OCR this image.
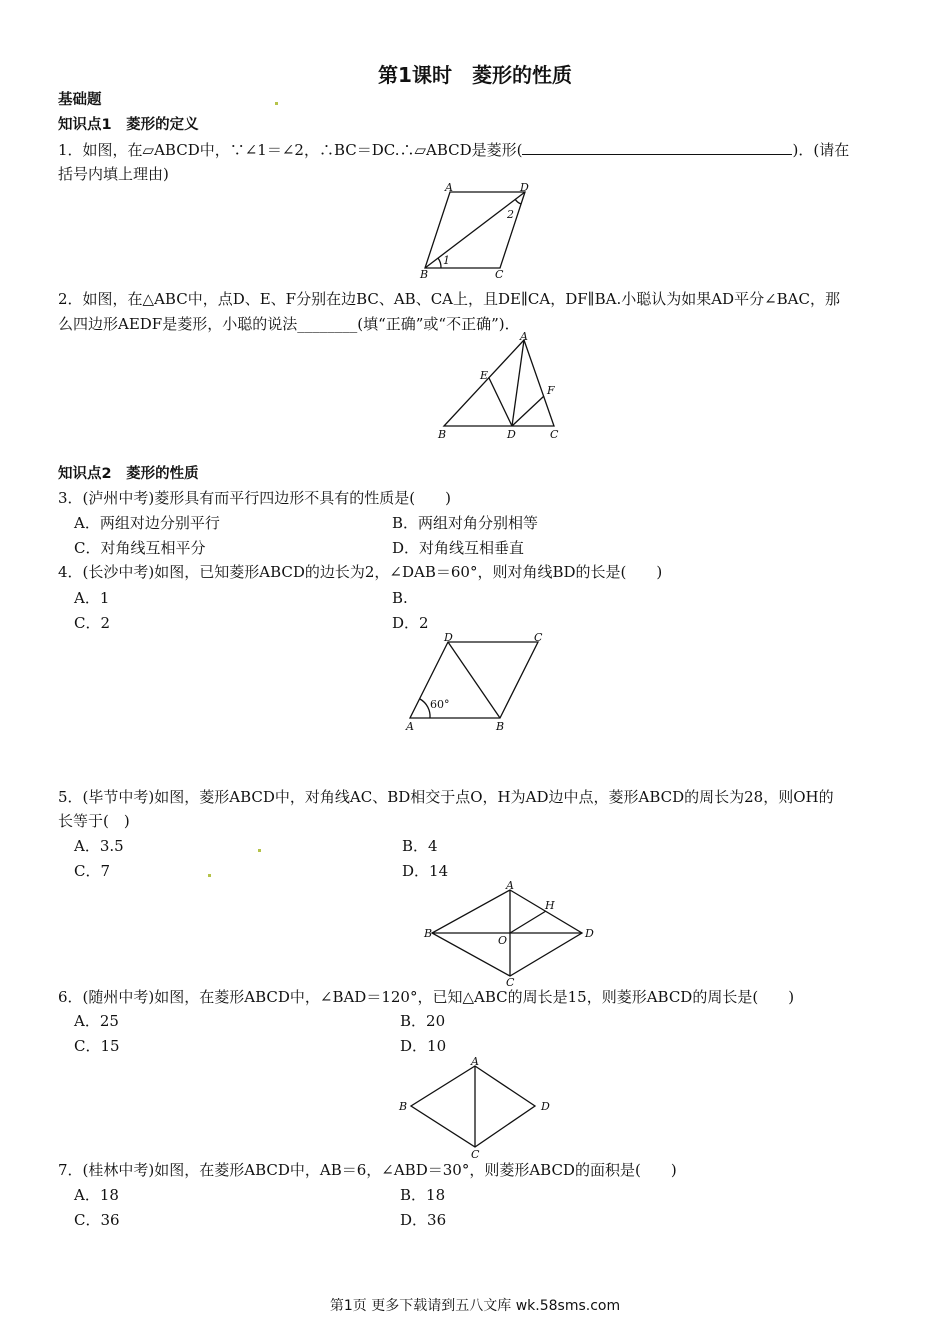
第1课时　菱形的性质
基础题
知识点1　菱形的定义
1．如图，在▱ABCD中，∵∠1＝∠2，∴BC＝DC.∴▱ABCD是菱形(	)．(请在
括号内填上理由)
A	D
B	C
1
2
2．如图，在△ABC中，点D、E、F分别在边BC、AB、CA上，且DE∥CA，DF∥BA.小聪认为如果AD平分∠BAC，那
么四边形AEDF是菱形，小聪的说法________(填“正确”或“不正确”)．
A
E
F
B	D	C
知识点2　菱形的性质
3．(泸州中考)菱形具有而平行四边形不具有的性质是(　　)
A．两组对边分别平行	B．两组对角分别相等
C．对角线互相平分	D．对角线互相垂直
4．(长沙中考)如图，已知菱形ABCD的边长为2，∠DAB＝60°，则对角线BD的长是(　　)
A．1	B.
C．2	D．2
D	C
A	B
60°
5．(毕节中考)如图，菱形ABCD中，对角线AC、BD相交于点O，H为AD边中点，菱形ABCD的周长为28，则OH的
长等于(　)
A．3.5	B．4
C．7	D．14
A
H
B
O
D
C
6．(随州中考)如图，在菱形ABCD中，∠BAD＝120°，已知△ABC的周长是15，则菱形ABCD的周长是(　　)
A．25	B．20
C．15	D．10
A
B	D
C
7．(桂林中考)如图，在菱形ABCD中，AB＝6，∠ABD＝30°，则菱形ABCD的面积是(　　)
A．18	B．18
C．36	D．36
第1页 更多下载请到五八文库 wk.58sms.com
